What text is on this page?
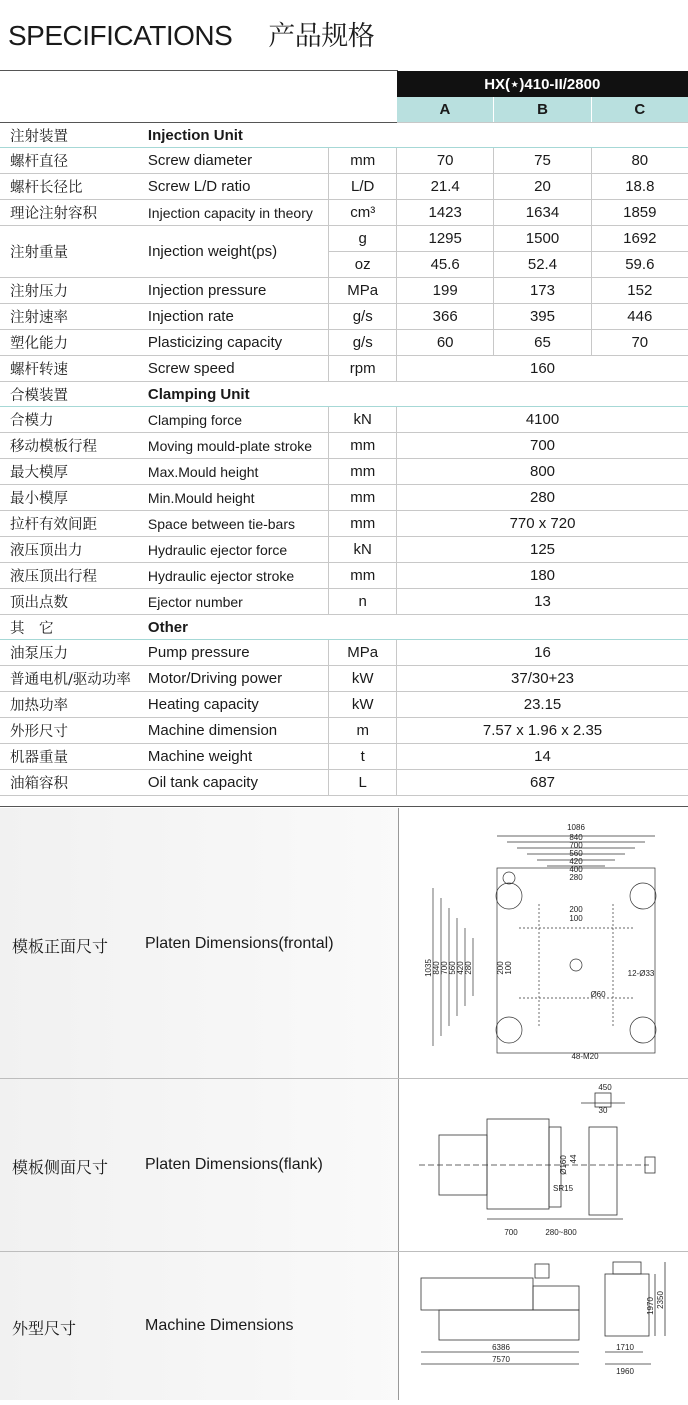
SPECIFICATIONS 产品规格
			HX(⋆)410-II/2800		
			A	B	C
注射装置	Injection Unit				
螺杆直径	Screw diameter	mm	70	75	80
螺杆长径比	Screw L/D ratio	L/D	21.4	20	18.8
理论注射容积	Injection capacity in theory	cm³	1423	1634	1859
注射重量	Injection weight(ps)	g	1295	1500	1692
		oz	45.6	52.4	59.6
注射压力	Injection pressure	MPa	199	173	152
注射速率	Injection rate	g/s	366	395	446
塑化能力	Plasticizing capacity	g/s	60	65	70
螺杆转速	Screw speed	rpm	160		
合模装置	Clamping Unit				
合模力	Clamping force	kN	4100		
移动模板行程	Moving mould-plate stroke	mm	700		
最大模厚	Max.Mould height	mm	800		
最小模厚	Min.Mould height	mm	280		
拉杆有效间距	Space between tie-bars	mm	770 x 720		
液压顶出力	Hydraulic ejector force	kN	125		
液压顶出行程	Hydraulic ejector stroke	mm	180		
顶出点数	Ejector number	n	13		
其　它	Other				
油泵压力	Pump pressure	MPa	16		
普通电机/驱动功率	Motor/Driving power	kW	37/30+23		
加热功率	Heating capacity	kW	23.15		
外形尺寸	Machine dimension	m	7.57 x 1.96 x 2.35		
机器重量	Machine weight	t	14		
油箱容积	Oil tank capacity	L	687		
模板正面尺寸 Platen Dimensions(frontal)
1086
840
700
560
420
400
280
200
100
12-Ø33
Ø60
48-M20
1035 840 700 560 420 280	200 100
模板侧面尺寸 Platen Dimensions(flank)
450
30
Ø160 44
SR15
700	280~800
外型尺寸	Machine Dimensions
6386
7570
1710
1960
1970 2350
